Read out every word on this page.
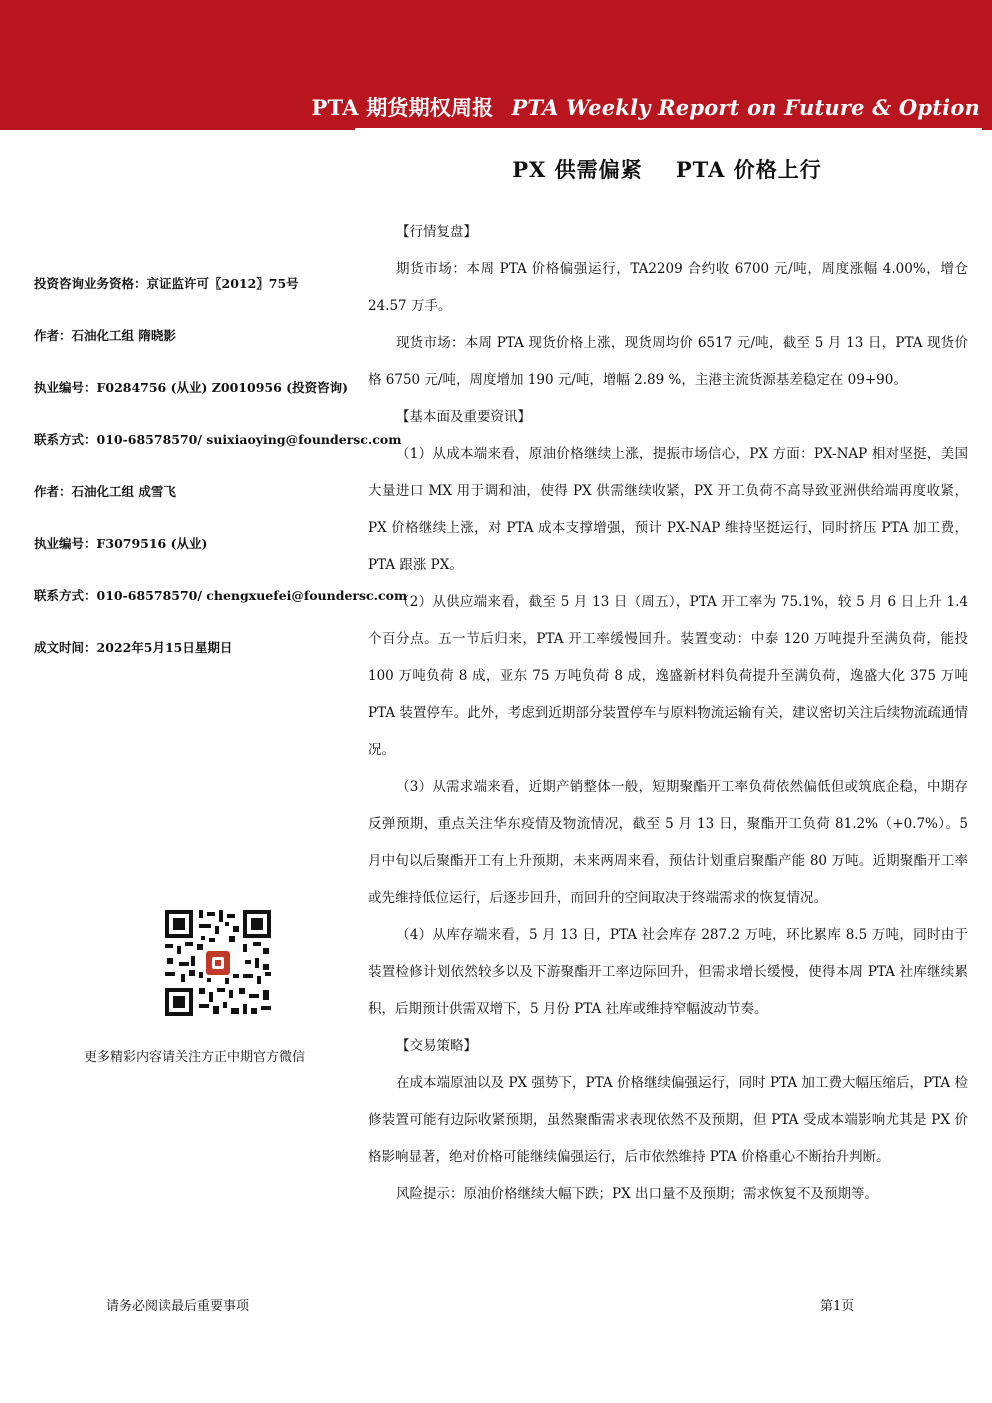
PTA 期货期权周报 PTA Weekly Report on Future & Option
PX 供需偏紧    PTA 价格上行
投资咨询业务资格：京证监许可〖2012〗75号
作者：石油化工组 隋晓影
执业编号：F0284756 (从业) Z0010956 (投资咨询)
联系方式：010-68578570/ suixiaoying@foundersc.com
作者：石油化工组 成雪飞
执业编号：F3079516 (从业)
联系方式：010-68578570/ chengxuefei@foundersc.com
成文时间：2022年5月15日星期日
更多精彩内容请关注方正中期官方微信

【行情复盘】

期货市场：本周 PTA 价格偏强运行，TA2209 合约收 6700 元/吨，周度涨幅 4.00%，增仓 24.57 万手。

现货市场：本周 PTA 现货价格上涨，现货周均价 6517 元/吨，截至 5 月 13 日，PTA 现货价格 6750 元/吨，周度增加 190 元/吨，增幅 2.89 %，主港主流货源基差稳定在 09+90。

【基本面及重要资讯】

（1）从成本端来看，原油价格继续上涨，提振市场信心，PX 方面：PX-NAP 相对坚挺，美国大量进口 MX 用于调和油，使得 PX 供需继续收紧，PX 开工负荷不高导致亚洲供给端再度收紧，PX 价格继续上涨，对 PTA 成本支撑增强，预计 PX-NAP 维持坚挺运行，同时挤压 PTA 加工费，PTA 跟涨 PX。

（2）从供应端来看，截至 5 月 13 日（周五），PTA 开工率为 75.1%，较 5 月 6 日上升 1.4 个百分点。五一节后归来，PTA 开工率缓慢回升。装置变动：中泰 120 万吨提升至满负荷，能投 100 万吨负荷 8 成，亚东 75 万吨负荷 8 成，逸盛新材料负荷提升至满负荷，逸盛大化 375 万吨 PTA 装置停车。此外，考虑到近期部分装置停车与原料物流运输有关，建议密切关注后续物流疏通情况。

（3）从需求端来看，近期产销整体一般，短期聚酯开工率负荷依然偏低但或筑底企稳，中期存反弹预期，重点关注华东疫情及物流情况，截至 5 月 13 日，聚酯开工负荷 81.2%（+0.7%）。5 月中旬以后聚酯开工有上升预期，未来两周来看，预估计划重启聚酯产能 80 万吨。近期聚酯开工率或先维持低位运行，后逐步回升，而回升的空间取决于终端需求的恢复情况。

（4）从库存端来看，5 月 13 日，PTA 社会库存 287.2 万吨，环比累库 8.5 万吨，同时由于装置检修计划依然较多以及下游聚酯开工率边际回升，但需求增长缓慢，使得本周 PTA 社库继续累积，后期预计供需双增下，5 月份 PTA 社库或维持窄幅波动节奏。

【交易策略】

在成本端原油以及 PX 强势下，PTA 价格继续偏强运行，同时 PTA 加工费大幅压缩后，PTA 检修装置可能有边际收紧预期，虽然聚酯需求表现依然不及预期，但 PTA 受成本端影响尤其是 PX 价格影响显著，绝对价格可能继续偏强运行，后市依然维持 PTA 价格重心不断抬升判断。

风险提示：原油价格继续大幅下跌；PX 出口量不及预期；需求恢复不及预期等。

请务必阅读最后重要事项	第1页
